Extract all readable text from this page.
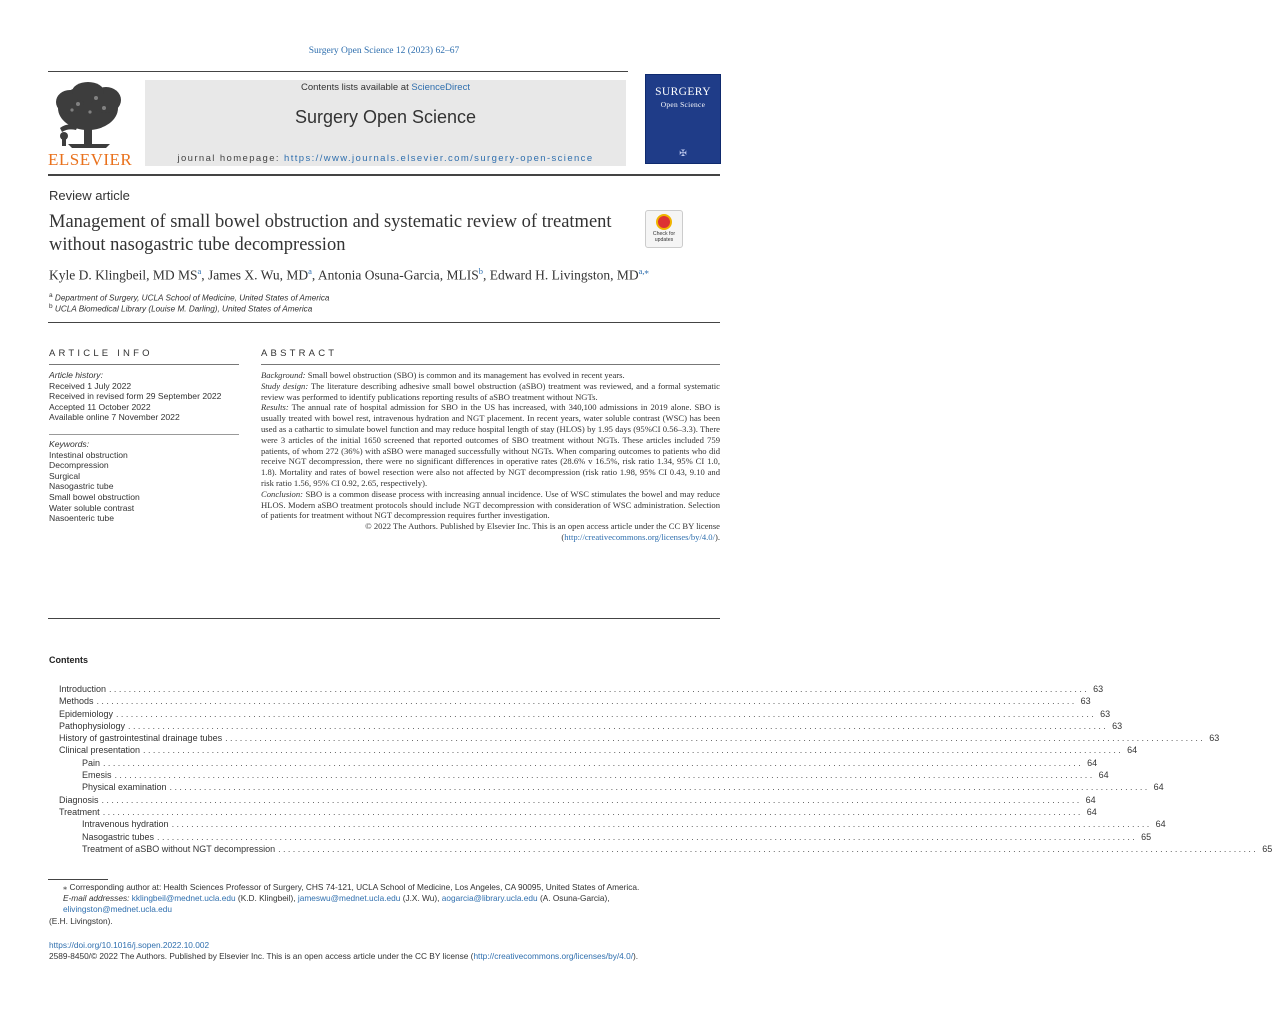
Surgery Open Science 12 (2023) 62–67
ELSEVIER
Contents lists available at ScienceDirect
Surgery Open Science
journal homepage: https://www.journals.elsevier.com/surgery-open-science
SURGERY
Open Science
✠
Review article
Management of small bowel obstruction and systematic review of treatment without nasogastric tube decompression
Check for updates
Kyle D. Klingbeil, MD $MS^a$, James X. Wu, $MD^a$, Antonia Osuna-Garcia, MLIS$^b$, Edward H. Livingston, $MD^{a,⁎}$
$^a$ Department of Surgery, UCLA School of Medicine, United States of America
$^b$ UCLA Biomedical Library (Louise M. Darling), United States of America
ARTICLE INFO
Article history:
Received 1 July 2022
Received in revised form 29 September 2022
Accepted 11 October 2022
Available online 7 November 2022
Keywords:
Intestinal obstruction
Decompression
Surgical
Nasogastric tube
Small bowel obstruction
Water soluble contrast
Nasoenteric tube
ABSTRACT

Background: Small bowel obstruction (SBO) is common and its management has evolved in recent years.

Study design: The literature describing adhesive small bowel obstruction (aSBO) treatment was reviewed, and a formal systematic review was performed to identify publications reporting results of aSBO treatment without NGTs.

Results: The annual rate of hospital admission for SBO in the US has increased, with 340,100 admissions in 2019 alone. SBO is usually treated with bowel rest, intravenous hydration and NGT placement. In recent years, water soluble contrast (WSC) has been used as a cathartic to simulate bowel function and may reduce hospital length of stay (HLOS) by 1.95 days (95%CI 0.56–3.3). There were 3 articles of the initial 1650 screened that reported outcomes of SBO treatment without NGTs. These articles included 759 patients, of whom 272 (36%) with aSBO were managed successfully without NGTs. When comparing outcomes to patients who did receive NGT decompression, there were no significant differences in operative rates (28.6% v 16.5%, risk ratio 1.34, 95% CI 1.0, 1.8). Mortality and rates of bowel resection were also not affected by NGT decompression (risk ratio 1.98, 95% CI 0.43, 9.10 and risk ratio 1.56, 95% CI 0.92, 2.65, respectively).

Conclusion: SBO is a common disease process with increasing annual incidence. Use of WSC stimulates the bowel and may reduce HLOS. Modern aSBO treatment protocols should include NGT decompression with consideration of WSC administration. Selection of patients for treatment without NGT decompression requires further investigation.

© 2022 The Authors. Published by Elsevier Inc. This is an open access article under the CC BY license (http://creativecommons.org/licenses/by/4.0/).

Contents
Introduction ........................................................................................................................................................................................................ 63
Methods ........................................................................................................................................................................................................ 63
Epidemiology ........................................................................................................................................................................................................ 63
Pathophysiology ........................................................................................................................................................................................................ 63
History of gastrointestinal drainage tubes ........................................................................................................................................................................................................ 63
Clinical presentation ........................................................................................................................................................................................................ 64
Pain ........................................................................................................................................................................................................ 64
Emesis ........................................................................................................................................................................................................ 64
Physical examination ........................................................................................................................................................................................................ 64
Diagnosis ........................................................................................................................................................................................................ 64
Treatment ........................................................................................................................................................................................................ 64
Intravenous hydration ........................................................................................................................................................................................................ 64
Nasogastric tubes ........................................................................................................................................................................................................ 65
Treatment of aSBO without NGT decompression ........................................................................................................................................................................................................ 65
⁎ Corresponding author at: Health Sciences Professor of Surgery, CHS 74-121, UCLA School of Medicine, Los Angeles, CA 90095, United States of America.
E-mail addresses: kklingbeil@mednet.ucla.edu (K.D. Klingbeil), jameswu@mednet.ucla.edu (J.X. Wu), aogarcia@library.ucla.edu (A. Osuna-Garcia), elivingston@mednet.ucla.edu
(E.H. Livingston).
https://doi.org/10.1016/j.sopen.2022.10.002
2589-8450/© 2022 The Authors. Published by Elsevier Inc. This is an open access article under the CC BY license (http://creativecommons.org/licenses/by/4.0/).
